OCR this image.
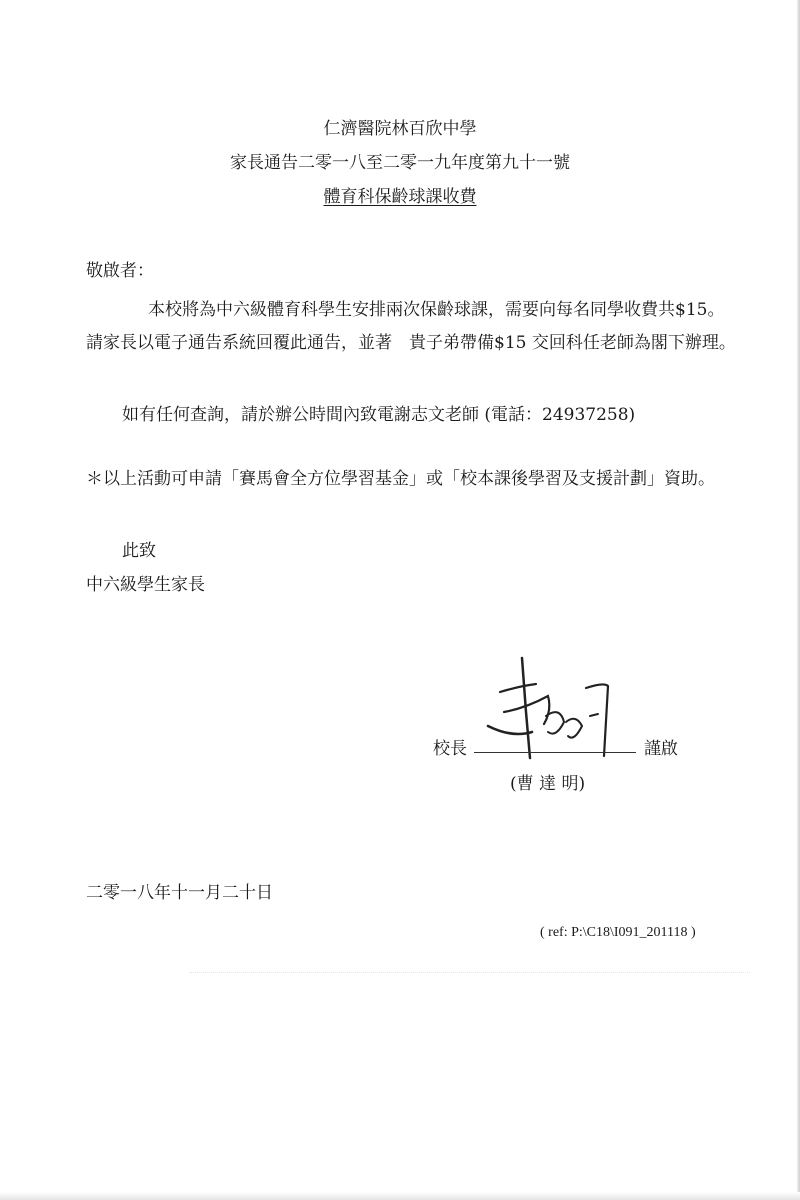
仁濟醫院林百欣中學
家長通告二零一八至二零一九年度第九十一號
體育科保齡球課收費
敬啟者：
本校將為中六級體育科學生安排兩次保齡球課，需要向每名同學收費共$15。
請家長以電子通告系統回覆此通告，並著　貴子弟帶備$15 交回科任老師為閣下辦理。
如有任何查詢，請於辦公時間內致電謝志文老師 (電話：24937258)
＊以上活動可申請「賽馬會全方位學習基金」或「校本課後學習及支援計劃」資助。
此致
中六級學生家長
校長	謹啟
(曹 達 明)
二零一八年十一月二十日
( ref: P:\C18\I091_201118 )
